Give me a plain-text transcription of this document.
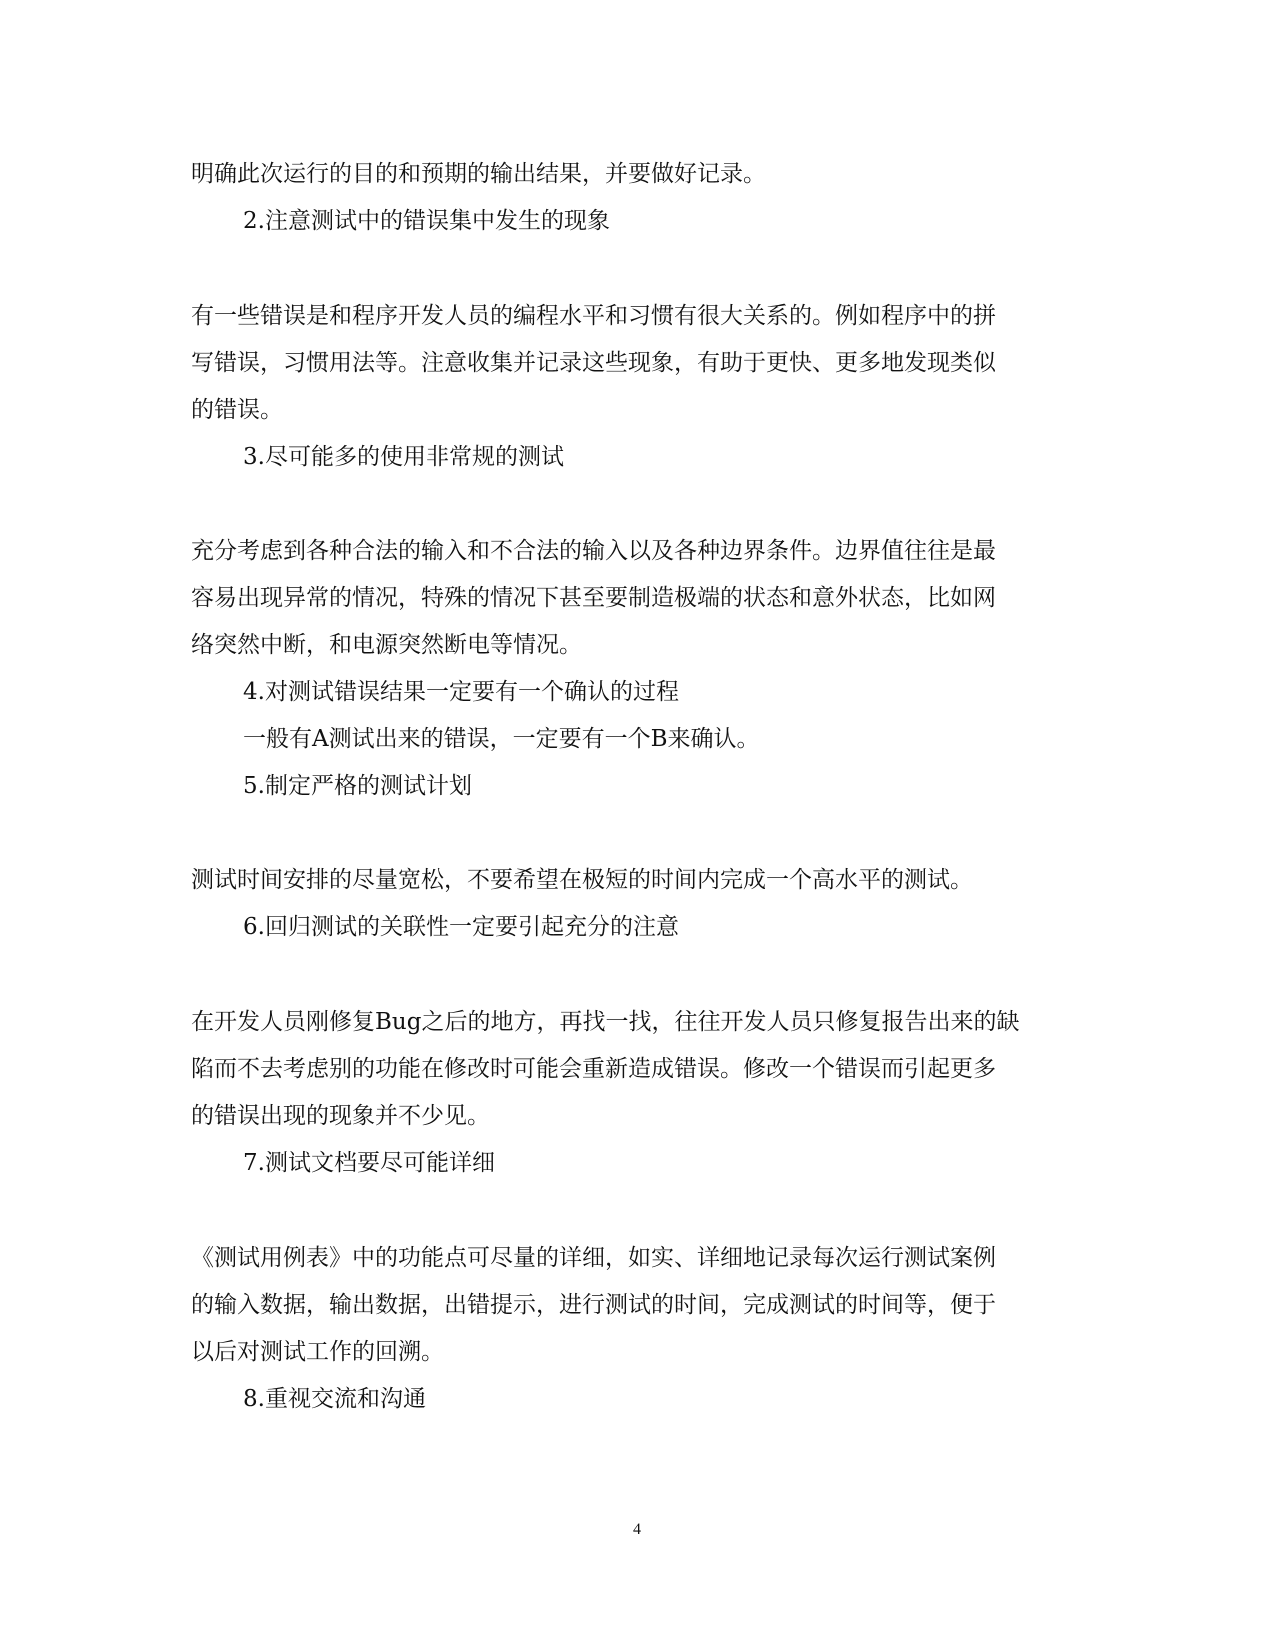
明确此次运行的目的和预期的输出结果，并要做好记录。
2.注意测试中的错误集中发生的现象
有一些错误是和程序开发人员的编程水平和习惯有很大关系的。例如程序中的拼
写错误，习惯用法等。注意收集并记录这些现象，有助于更快、更多地发现类似
的错误。
3.尽可能多的使用非常规的测试
充分考虑到各种合法的输入和不合法的输入以及各种边界条件。边界值往往是最
容易出现异常的情况，特殊的情况下甚至要制造极端的状态和意外状态，比如网
络突然中断，和电源突然断电等情况。
4.对测试错误结果一定要有一个确认的过程
一般有A测试出来的错误，一定要有一个B来确认。
5.制定严格的测试计划
测试时间安排的尽量宽松，不要希望在极短的时间内完成一个高水平的测试。
6.回归测试的关联性一定要引起充分的注意
在开发人员刚修复Bug之后的地方，再找一找，往往开发人员只修复报告出来的缺
陷而不去考虑别的功能在修改时可能会重新造成错误。修改一个错误而引起更多
的错误出现的现象并不少见。
7.测试文档要尽可能详细
《测试用例表》中的功能点可尽量的详细，如实、详细地记录每次运行测试案例
的输入数据，输出数据，出错提示，进行测试的时间，完成测试的时间等，便于
以后对测试工作的回溯。
8.重视交流和沟通
4
